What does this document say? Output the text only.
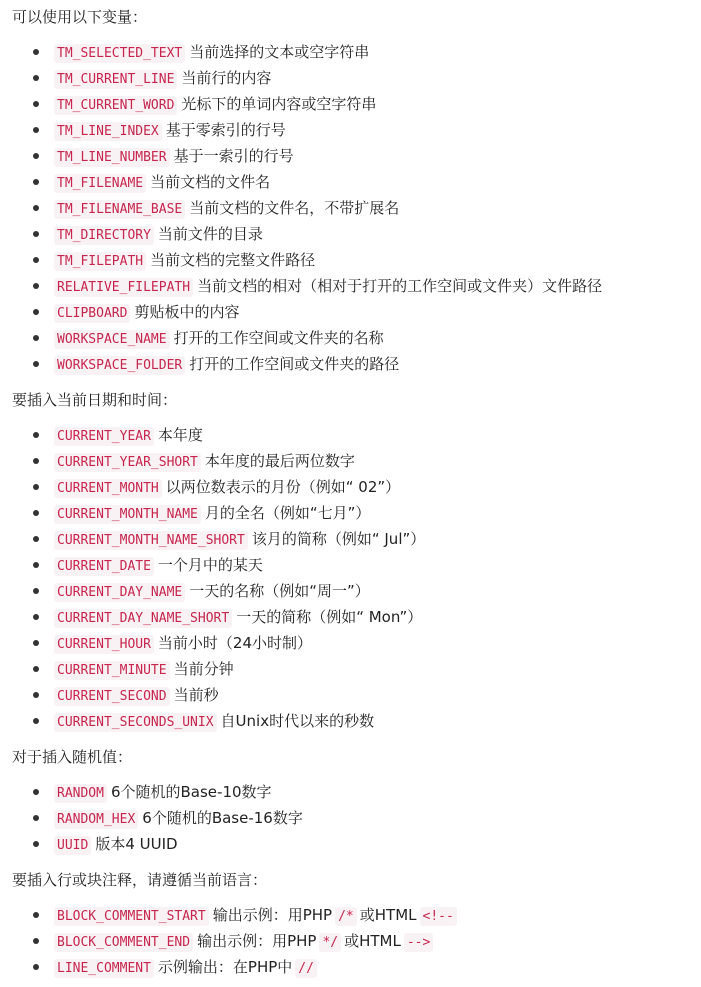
可以使用以下变量：
TM_SELECTED_TEXT 当前选择的文本或空字符串
TM_CURRENT_LINE 当前行的内容
TM_CURRENT_WORD 光标下的单词内容或空字符串
TM_LINE_INDEX 基于零索引的行号
TM_LINE_NUMBER 基于一索引的行号
TM_FILENAME 当前文档的文件名
TM_FILENAME_BASE 当前文档的文件名，不带扩展名
TM_DIRECTORY 当前文件的目录
TM_FILEPATH 当前文档的完整文件路径
RELATIVE_FILEPATH 当前文档的相对（相对于打开的工作空间或文件夹）文件路径
CLIPBOARD 剪贴板中的内容
WORKSPACE_NAME 打开的工作空间或文件夹的名称
WORKSPACE_FOLDER 打开的工作空间或文件夹的路径
要插入当前日期和时间：
CURRENT_YEAR 本年度
CURRENT_YEAR_SHORT 本年度的最后两位数字
CURRENT_MONTH 以两位数表示的月份（例如“ 02”）
CURRENT_MONTH_NAME 月的全名（例如“七月”）
CURRENT_MONTH_NAME_SHORT 该月的简称（例如“ Jul”）
CURRENT_DATE 一个月中的某天
CURRENT_DAY_NAME 一天的名称（例如“周一”）
CURRENT_DAY_NAME_SHORT 一天的简称（例如“ Mon”）
CURRENT_HOUR 当前小时（24小时制）
CURRENT_MINUTE 当前分钟
CURRENT_SECOND 当前秒
CURRENT_SECONDS_UNIX 自Unix时代以来的秒数
对于插入随机值：
RANDOM 6个随机的Base-10数字
RANDOM_HEX 6个随机的Base-16数字
UUID 版本4 UUID
要插入行或块注释，请遵循当前语言：
BLOCK_COMMENT_START 输出示例：用PHP /* 或HTML <!--
BLOCK_COMMENT_END 输出示例：用PHP */ 或HTML -->
LINE_COMMENT 示例输出：在PHP中 //
